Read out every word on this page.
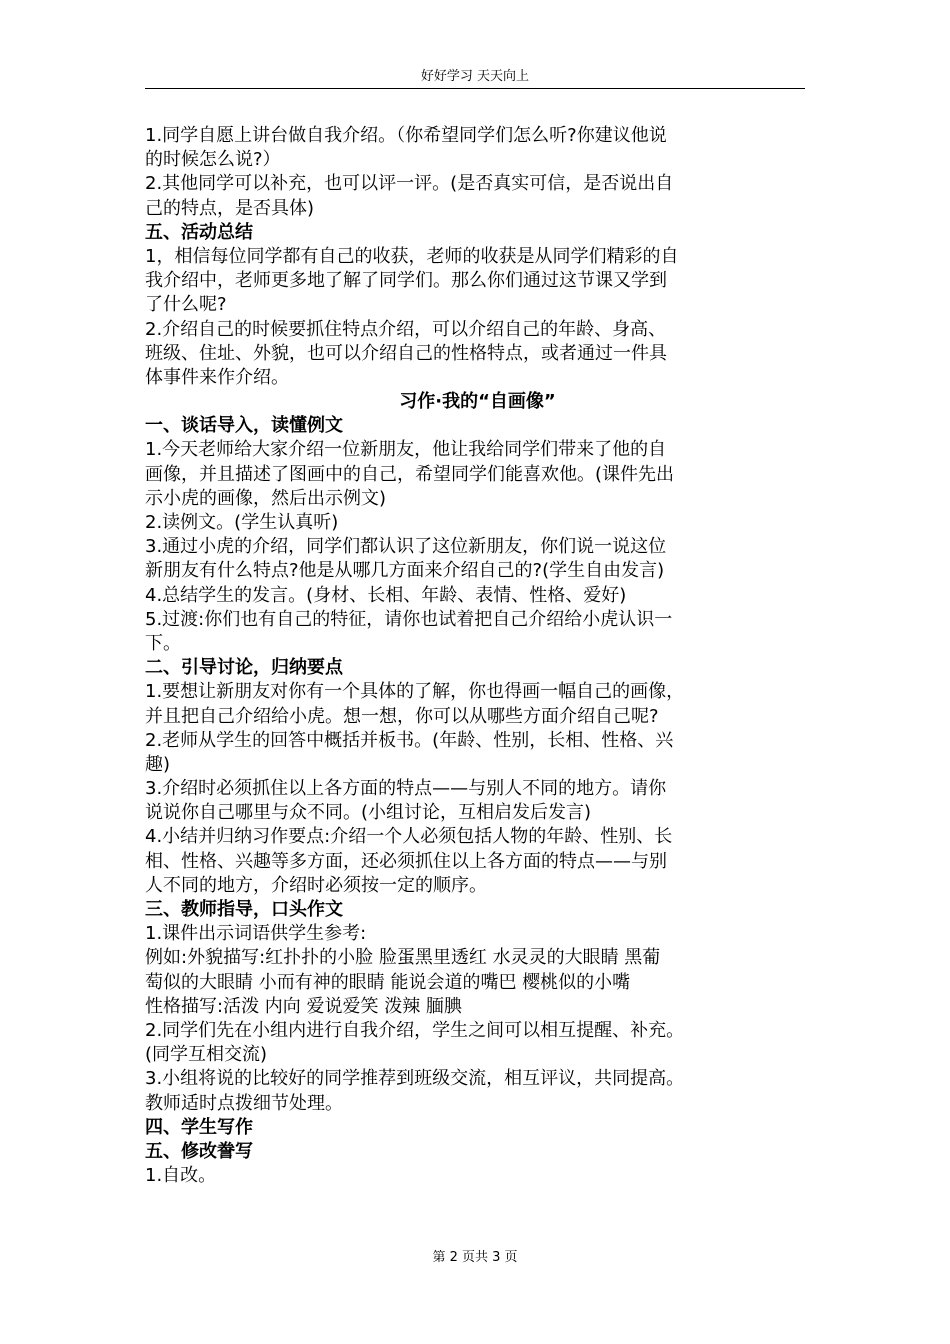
好好学习 天天向上
1.同学自愿上讲台做自我介绍。（你希望同学们怎么听?你建议他说
的时候怎么说?）
2.其他同学可以补充，也可以评一评。(是否真实可信，是否说出自
己的特点，是否具体)
五、活动总结
1，相信每位同学都有自己的收获，老师的收获是从同学们精彩的自
我介绍中，老师更多地了解了同学们。那么你们通过这节课又学到
了什么呢?
2.介绍自己的时候要抓住特点介绍，可以介绍自己的年龄、身高、
班级、住址、外貌，也可以介绍自己的性格特点，或者通过一件具
体事件来作介绍。
习作·我的“自画像”
一、谈话导入，读懂例文
1.今天老师给大家介绍一位新朋友，他让我给同学们带来了他的自
画像，并且描述了图画中的自己，希望同学们能喜欢他。(课件先出
示小虎的画像，然后出示例文)
2.读例文。(学生认真听)
3.通过小虎的介绍，同学们都认识了这位新朋友，你们说一说这位
新朋友有什么特点?他是从哪几方面来介绍自己的?(学生自由发言)
4.总结学生的发言。(身材、长相、年龄、表情、性格、爱好)
5.过渡:你们也有自己的特征，请你也试着把自己介绍给小虎认识一
下。
二、引导讨论，归纳要点
1.要想让新朋友对你有一个具体的了解，你也得画一幅自己的画像，
并且把自己介绍给小虎。想一想，你可以从哪些方面介绍自己呢?
2.老师从学生的回答中概括并板书。(年龄、性别，长相、性格、兴
趣)
3.介绍时必须抓住以上各方面的特点——与别人不同的地方。请你
说说你自己哪里与众不同。(小组讨论，互相启发后发言)
4.小结并归纳习作要点:介绍一个人必须包括人物的年龄、性别、长
相、性格、兴趣等多方面，还必须抓住以上各方面的特点——与别
人不同的地方，介绍时必须按一定的顺序。
三、教师指导，口头作文
1.课件出示词语供学生参考:
例如:外貌描写:红扑扑的小脸 脸蛋黑里透红 水灵灵的大眼睛 黑葡
萄似的大眼睛 小而有神的眼睛 能说会道的嘴巴 樱桃似的小嘴
性格描写:活泼 内向 爱说爱笑 泼辣 腼腆
2.同学们先在小组内进行自我介绍，学生之间可以相互提醒、补充。
(同学互相交流)
3.小组将说的比较好的同学推荐到班级交流，相互评议，共同提高。
教师适时点拨细节处理。
四、学生写作
五、修改誊写
1.自改。
第 2 页共 3 页
